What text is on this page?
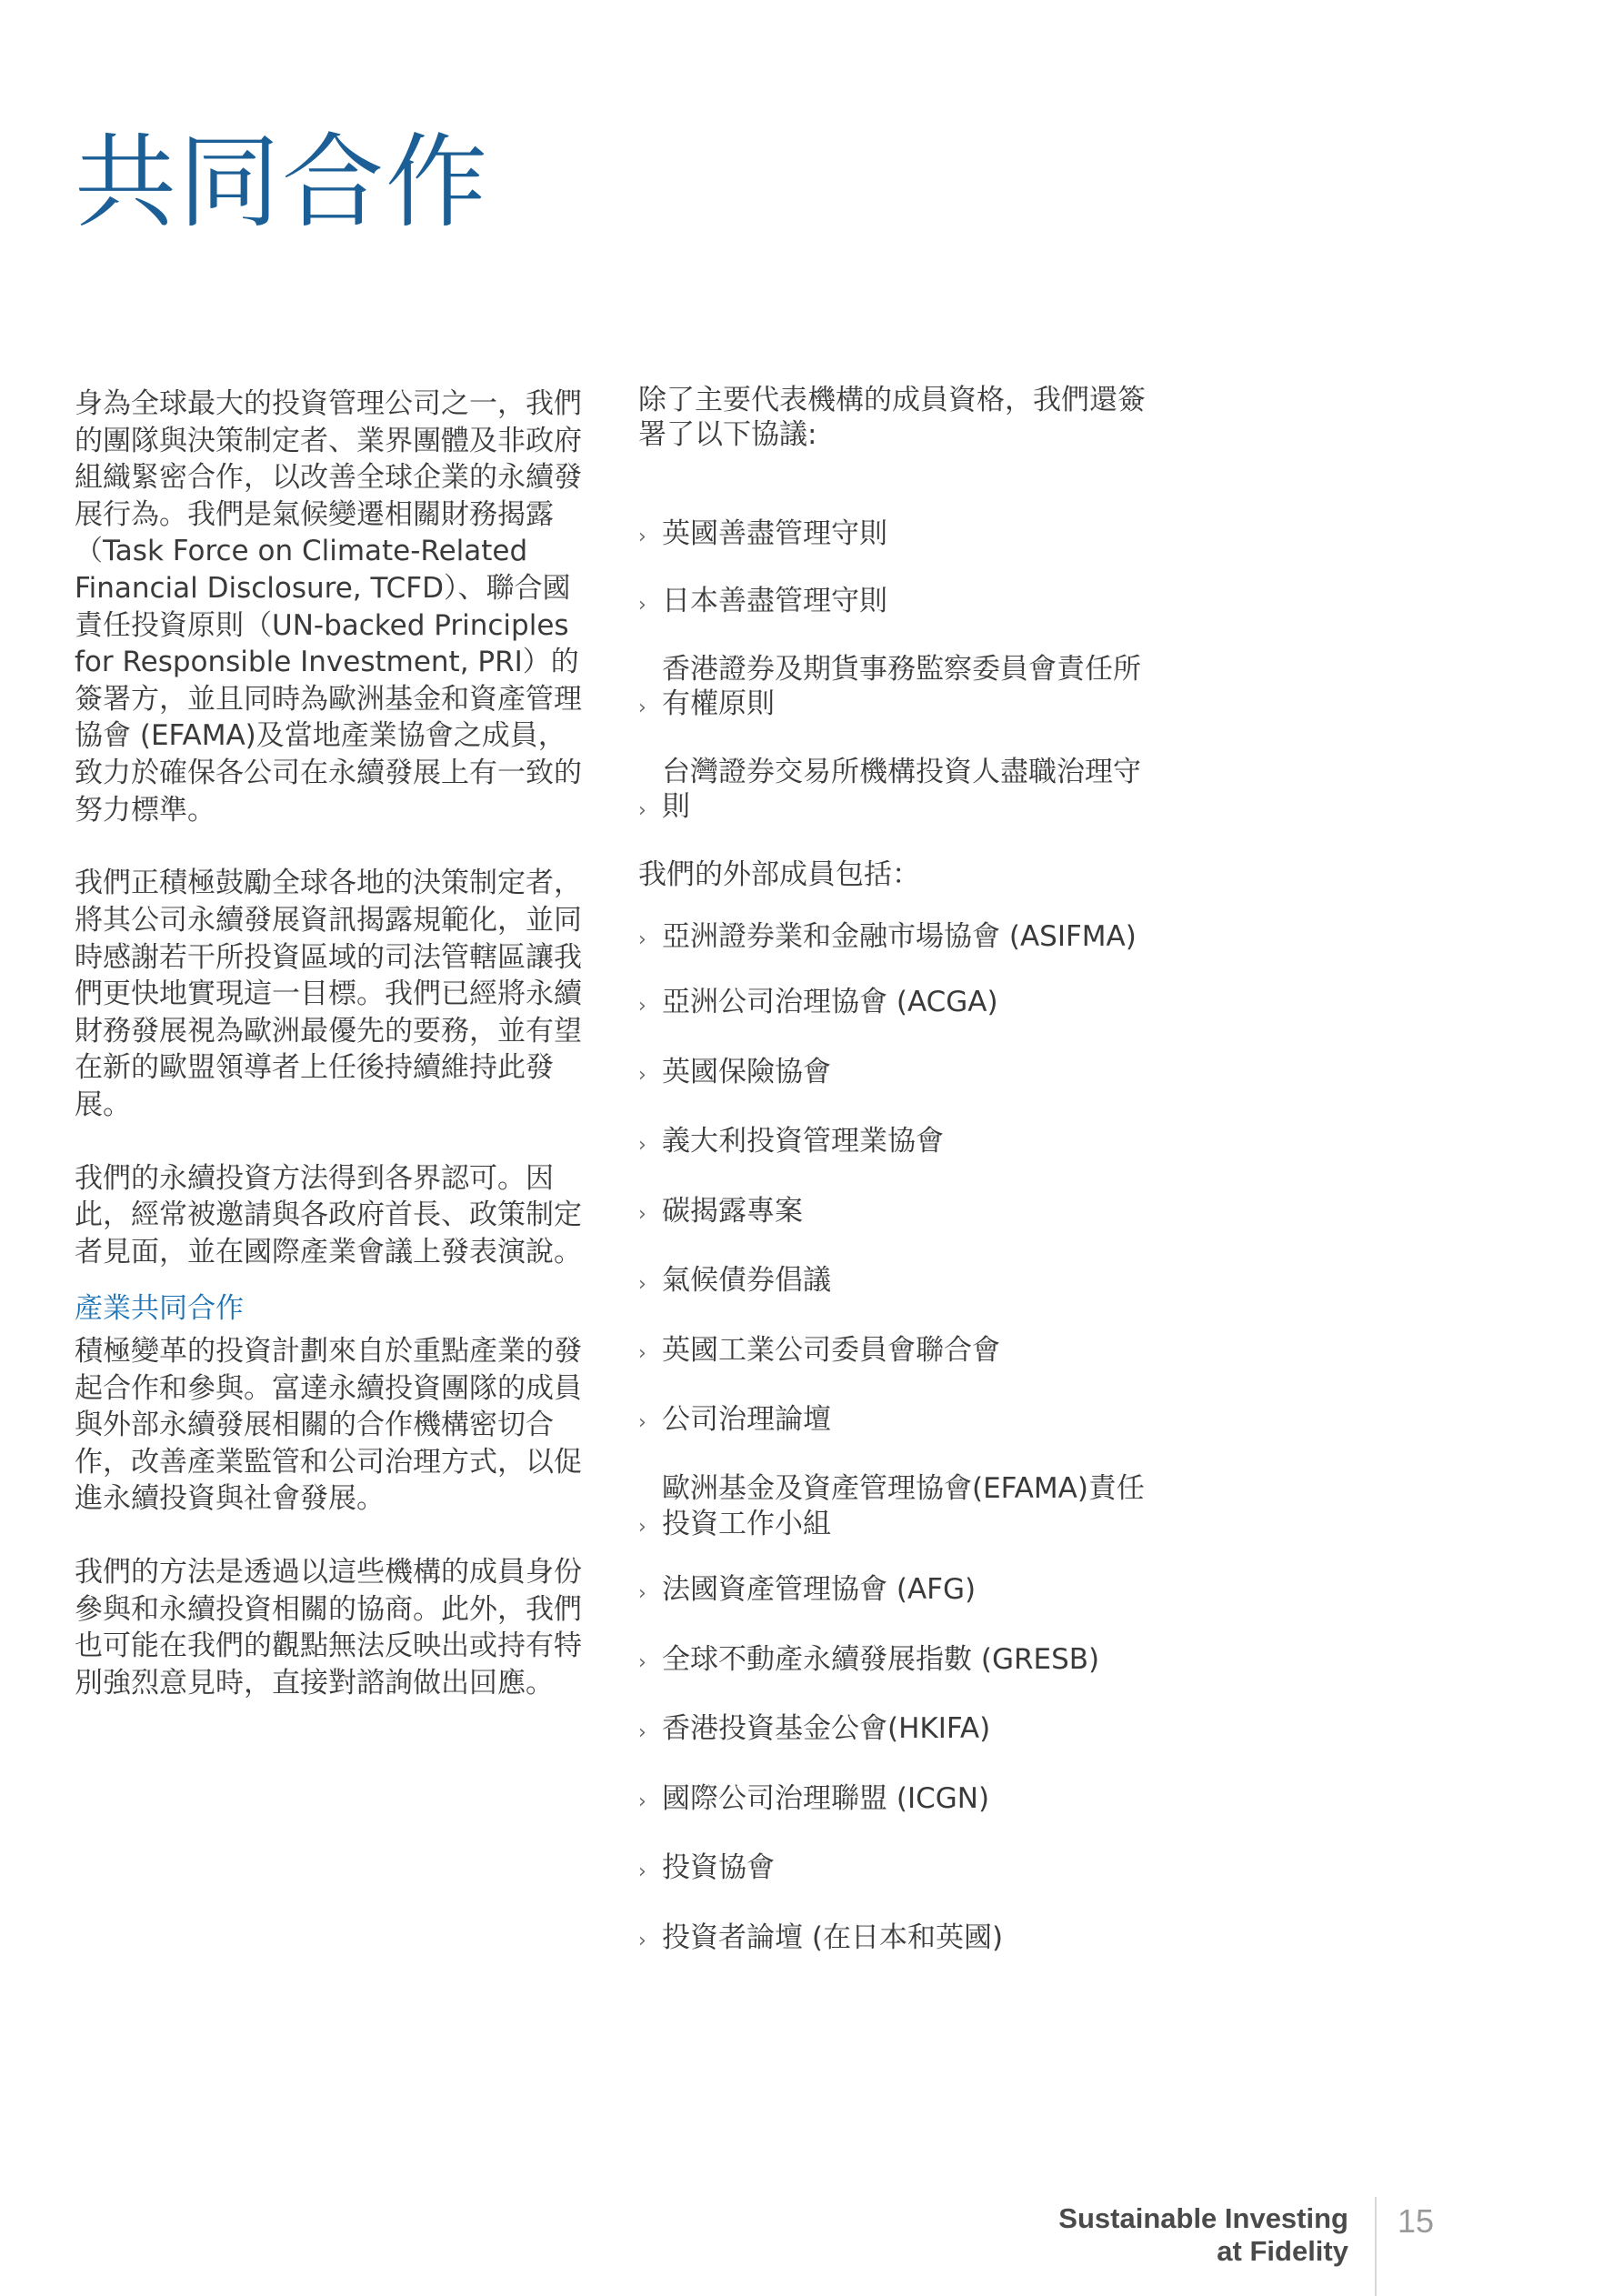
共同合作

身為全球最大的投資管理公司之一，我們的團隊與決策制定者、業界團體及非政府組織緊密合作，以改善全球企業的永續發展行為。我們是氣候變遷相關財務揭露（Task Force on Climate-Related Financial Disclosure, TCFD）、聯合國責任投資原則（UN-backed Principles for Responsible Investment, PRI）的簽署方，並且同時為歐洲基金和資產管理協會 (EFAMA)及當地產業協會之成員，致力於確保各公司在永續發展上有一致的努力標準。

我們正積極鼓勵全球各地的決策制定者，將其公司永續發展資訊揭露規範化，並同時感謝若干所投資區域的司法管轄區讓我們更快地實現這一目標。我們已經將永續財務發展視為歐洲最優先的要務，並有望在新的歐盟領導者上任後持續維持此發展。

我們的永續投資方法得到各界認可。因此，經常被邀請與各政府首長、政策制定者見面，並在國際產業會議上發表演說。

產業共同合作

積極變革的投資計劃來自於重點產業的發起合作和參與。富達永續投資團隊的成員與外部永續發展相關的合作機構密切合作，改善產業監管和公司治理方式，以促進永續投資與社會發展。

我們的方法是透過以這些機構的成員身份參與和永續投資相關的協商。此外，我們也可能在我們的觀點無法反映出或持有特別強烈意見時，直接對諮詢做出回應。

除了主要代表機構的成員資格，我們還簽署了以下協議:

› 英國善盡管理守則
› 日本善盡管理守則
›
香港證券及期貨事務監察委員會責任所有權原則
›
台灣證券交易所機構投資人盡職治理守則

我們的外部成員包括：

› 亞洲證券業和金融市場協會 (ASIFMA)
› 亞洲公司治理協會 (ACGA)
› 英國保險協會
› 義大利投資管理業協會
› 碳揭露專案
› 氣候債券倡議
› 英國工業公司委員會聯合會
› 公司治理論壇
›
歐洲基金及資產管理協會(EFAMA)責任投資工作小組
› 法國資產管理協會 (AFG)
› 全球不動產永續發展指數 (GRESB)
› 香港投資基金公會(HKIFA)
› 國際公司治理聯盟 (ICGN)
› 投資協會
› 投資者論壇 (在日本和英國)
Sustainable Investing
at Fidelity
15
